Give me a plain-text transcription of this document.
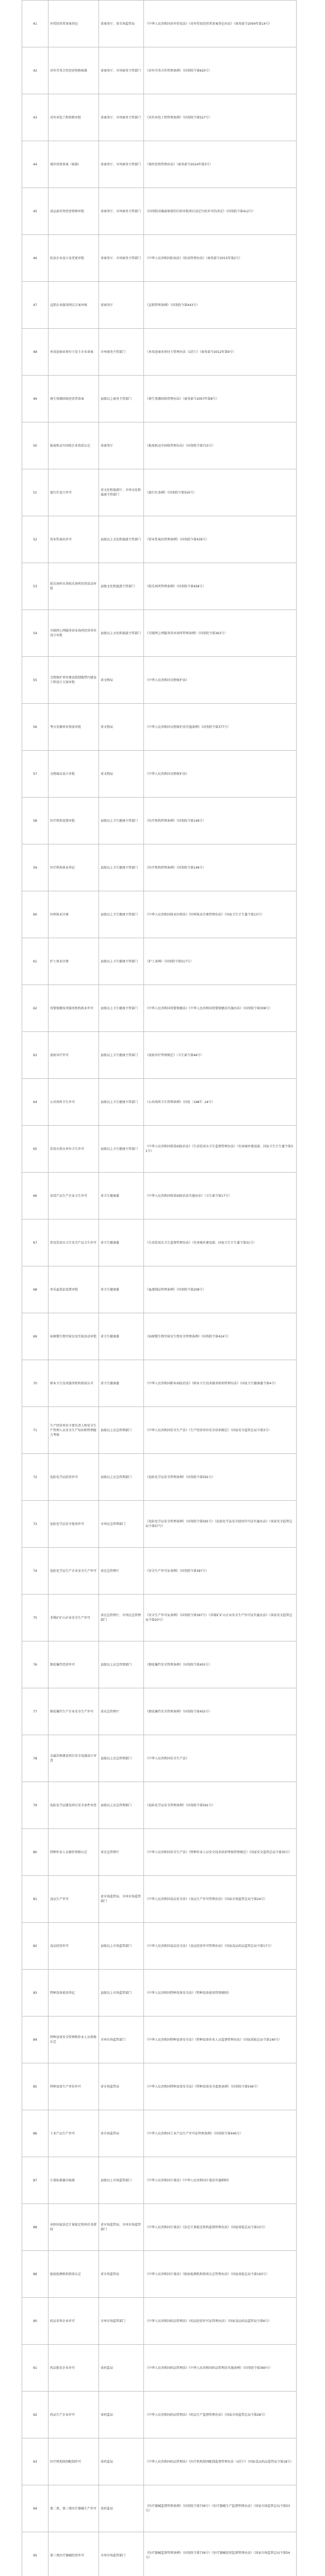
41	外贸经营者备案登记	省商务厅、省市场监管局	《中华人民共和国对外贸易法》《对外贸易经营者备案登记办法》（商务部令2004年第14号）
42	对外劳务合作经营资格核准	省商务厅、市州商务主管部门	《对外劳务合作管理条例》（国务院令第620号）
43	对外承包工程资格审批	省商务厅、市州商务主管部门	《对外承包工程管理条例》（国务院令第527号）
44	境外投资备案（核准）	省商务厅、市州商务主管部门	《境外投资管理办法》（商务部令2014年第3号）
45	成品油零售经营资格审批	省商务厅、市州商务主管部门	《国务院对确需保留的行政审批项目设定行政许可的决定》（国务院令第412号）
46	拍卖企业设立及变更审批	省商务厅、市州商务主管部门	《中华人民共和国拍卖法》《拍卖管理办法》（商务部令2015年第2号）
47	直销企业服务网点方案审核	省商务厅	《直销管理条例》（国务院令第443号）
48	单用途商业预付卡发卡企业备案	市州商务主管部门	《单用途商业预付卡管理办法（试行）》（商务部令2012年第9号）
49	再生资源回收经营者备案	县级以上商务主管部门	《再生资源回收管理办法》（商务部令2007年第8号）
50	报废机动车回收企业资质认定	省商务厅	《报废机动车回收管理办法》（国务院令第715号）
51	旅行社设立许可	省文化和旅游厅、市州文化和旅游主管部门	《旅行社条例》（国务院令第550号）
52	营业性演出许可	县级以上文化和旅游主管部门	《营业性演出管理条例》（国务院令第439号）
53	娱乐场所从事娱乐场所经营活动审批	县级文化和旅游主管部门	《娱乐场所管理条例》（国务院令第458号）
54	互联网上网服务营业场所经营单位设立审批	县级以上文化和旅游主管部门	《互联网上网服务营业场所管理条例》（国务院令第363号）
55	文物保护单位建设控制地带内建设工程设计方案审批	省文物局	《中华人民共和国文物保护法》
56	考古发掘单位资质审批	省文物局	《中华人民共和国文物保护法实施条例》（国务院令第377号）
57	文物商店设立审批	省文物局	《中华人民共和国文物保护法》
58	医疗机构设置审批	县级以上卫生健康主管部门	《医疗机构管理条例》（国务院令第149号）
59	医疗机构执业登记	县级以上卫生健康主管部门	《医疗机构管理条例》（国务院令第149号）
60	医师执业注册	县级以上卫生健康主管部门	《中华人民共和国执业医师法》《医师执业注册管理办法》（国家卫生计生委令第13号）
61	护士执业注册	县级以上卫生健康主管部门	《护士条例》（国务院令第517号）
62	母婴保健技术服务机构执业许可	县级以上卫生健康主管部门	《中华人民共和国母婴保健法》《中华人民共和国母婴保健法实施办法》（国务院令第308号）
63	放射诊疗许可	县级以上卫生健康主管部门	《放射诊疗管理规定》（卫生部令第46号）
64	公共场所卫生许可	县级以上卫生健康主管部门	《公共场所卫生管理条例》（国发〔1987〕24号）
65	饮用水供水单位卫生许可	县级以上卫生健康主管部门	《中华人民共和国传染病防治法》《生活饮用水卫生监督管理办法》（住房城乡建设部、国家卫生计生委令第31号）
66	消毒产品生产企业卫生许可	省卫生健康委	《中华人民共和国传染病防治法实施办法》（卫生部令第17号）
67	涉及饮用水卫生安全产品卫生许可	省卫生健康委	《生活饮用水卫生监督管理办法》（住房城乡建设部、国家卫生计生委令第31号）
68	单采血浆站设置审批	省卫生健康委	《血液制品管理条例》（国务院令第208号）
69	病原微生物实验室及实验活动审批	省卫生健康委	《病原微生物实验室生物安全管理条例》（国务院令第424号）
70	职业卫生技术服务机构资质认可	省卫生健康委	《中华人民共和国职业病防治法》《职业卫生技术服务机构管理办法》（国家卫生健康委令第4号）
71	生产经营单位主要负责人和安全生产管理人员安全生产知识和管理能力考核	县级以上应急管理部门	《中华人民共和国安全生产法》《生产经营单位安全培训规定》（国家安全监管总局令第3号）
72	危险化学品经营许可	县级以上应急管理部门	《危险化学品安全管理条例》（国务院令第591号）
73	危险化学品安全使用许可	市州应急管理部门	《危险化学品安全管理条例》（国务院令第591号）《危险化学品安全使用许可证实施办法》（国家安全监管总局令第57号）
74	危险化学品生产企业安全生产许可	省应急管理厅	《安全生产许可证条例》（国务院令第397号）
75	非煤矿矿山企业安全生产许可	省应急管理厅、市州应急管理部门	《安全生产许可证条例》（国务院令第397号）《非煤矿矿山企业安全生产许可证实施办法》（国家安全监管总局令第20号）
76	烟花爆竹经营许可	县级以上应急管理部门	《烟花爆竹安全管理条例》（国务院令第455号）
77	烟花爆竹生产企业安全生产许可	省应急管理厅	《烟花爆竹安全管理条例》（国务院令第455号）
78	金属冶炼建设项目安全设施设计审查	县级以上应急管理部门	《中华人民共和国安全生产法》
79	危险化学品建设项目安全条件审查	县级以上应急管理部门	《危险化学品安全管理条例》（国务院令第591号）
80	特种作业人员操作资格认定	省应急管理厅	《中华人民共和国安全生产法》《特种作业人员安全技术培训考核管理规定》（国家安全监管总局令第30号）
81	食品生产许可	省市场监管局、市州市场监管部门	《中华人民共和国食品安全法》《食品生产许可管理办法》（国家市场监管总局令第24号）
82	食品经营许可	县级以上市场监管部门	《中华人民共和国食品安全法》《食品经营许可管理办法》（国家食品药品监管总局令第17号）
83	特种设备使用登记	县级以上市场监管部门	《中华人民共和国特种设备安全法》《特种设备使用管理规则》
84	特种设备安全管理和作业人员资格认定	市州市场监管部门	《中华人民共和国特种设备安全法》《特种设备作业人员监督管理办法》（国家质检总局令第140号）
85	特种设备生产单位许可	省市场监管局	《中华人民共和国特种设备安全法》《特种设备安全监察条例》（国务院令第549号）
86	工业产品生产许可	省市场监管局	《中华人民共和国工业产品生产许可证管理条例》（国务院令第440号）
87	计量标准器具核准	县级以上市场监管部门	《中华人民共和国计量法》《中华人民共和国计量法实施细则》
88	承担国家法定计量检定机构任务授权	省市场监管局、市州市场监管部门	《中华人民共和国计量法》《法定计量检定机构监督管理办法》（国家质检总局令第15号）
89	检验检测机构资质认定	省市场监管局	《中华人民共和国计量法》《检验检测机构资质认定管理办法》（国家质检总局令第163号）
90	药品零售企业许可	市州市场监管部门	《中华人民共和国药品管理法》《药品经营许可证管理办法》（国家食品药品监管局令第6号）
91	药品批发企业许可	省药监局	《中华人民共和国药品管理法》《中华人民共和国药品管理法实施条例》（国务院令第360号）
92	药品生产企业许可	省药监局	《中华人民共和国药品管理法》《药品生产监督管理办法》（国家市场监管总局令第28号）
93	医疗机构制剂配制许可	省药监局	《中华人民共和国药品管理法》《医疗机构制剂配制监督管理办法（试行）》（国家食品药品监管局令第18号）
94	第二类、第三类医疗器械生产许可	省药监局	《医疗器械监督管理条例》（国务院令第739号）《医疗器械生产监督管理办法》（国家市场监管总局令第53号）
95	第三类医疗器械经营许可	市州市场监管部门	《医疗器械监督管理条例》（国务院令第739号）《医疗器械经营监督管理办法》（国家市场监管总局令第54号）
